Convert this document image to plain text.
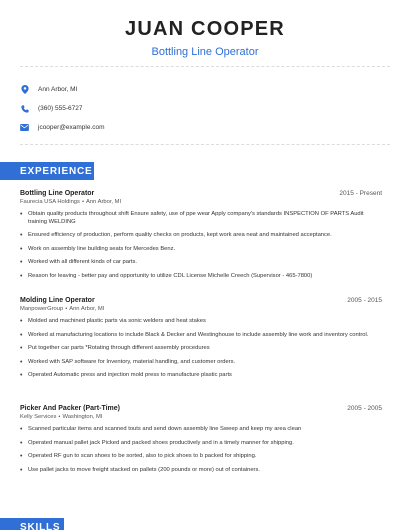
JUAN COOPER
Bottling Line Operator
Ann Arbor, MI
(360) 555-6727
jcooper@example.com
EXPERIENCE
Bottling Line Operator	2015 - Present
Faurecia USA Holdings • Ann Arbor, MI
• Obtain quality products throughout shift Ensure safety, use of ppe wear Apply company's standards INSPECTION OF PARTS Audit training WELDING
• Ensured efficiency of production, perform quality checks on products, kept work area neat and maintained acceptance.
• Work on assembly line building seats for Mercedes Benz.
• Worked with all different kinds of car parts.
• Reason for leaving - better pay and opportunity to utilize CDL License Michelle Creech (Supervisor - 465-7800)
Molding Line Operator	2005 - 2015
ManpowerGroup • Ann Arbor, MI
• Molded and machined plastic parts via sonic welders and heat stakes
• Worked at manufacturing locations to include Black & Decker and Westinghouse to include assembly line work and inventory control.
• Put together car parts *Rotating through different assembly procedures
• Worked with SAP software for Inventory, material handling, and customer orders.
• Operated Automatic press and injection mold press to manufacture plastic parts
Picker And Packer (Part-Time)	2005 - 2005
Kelly Services • Washington, MI
• Scanned particular items and scanned touts and send down assembly line Sweep and keep my area clean
• Operated manual pallet jack Picked and packed shoes productively and in a timely manner for shipping.
• Operated RF gun to scan shoes to be sorted, also to pick shoes to b packed for shipping.
• Use pallet jacks to move freight stacked on pallets (200 pounds or more) out of containers.
SKILLS
